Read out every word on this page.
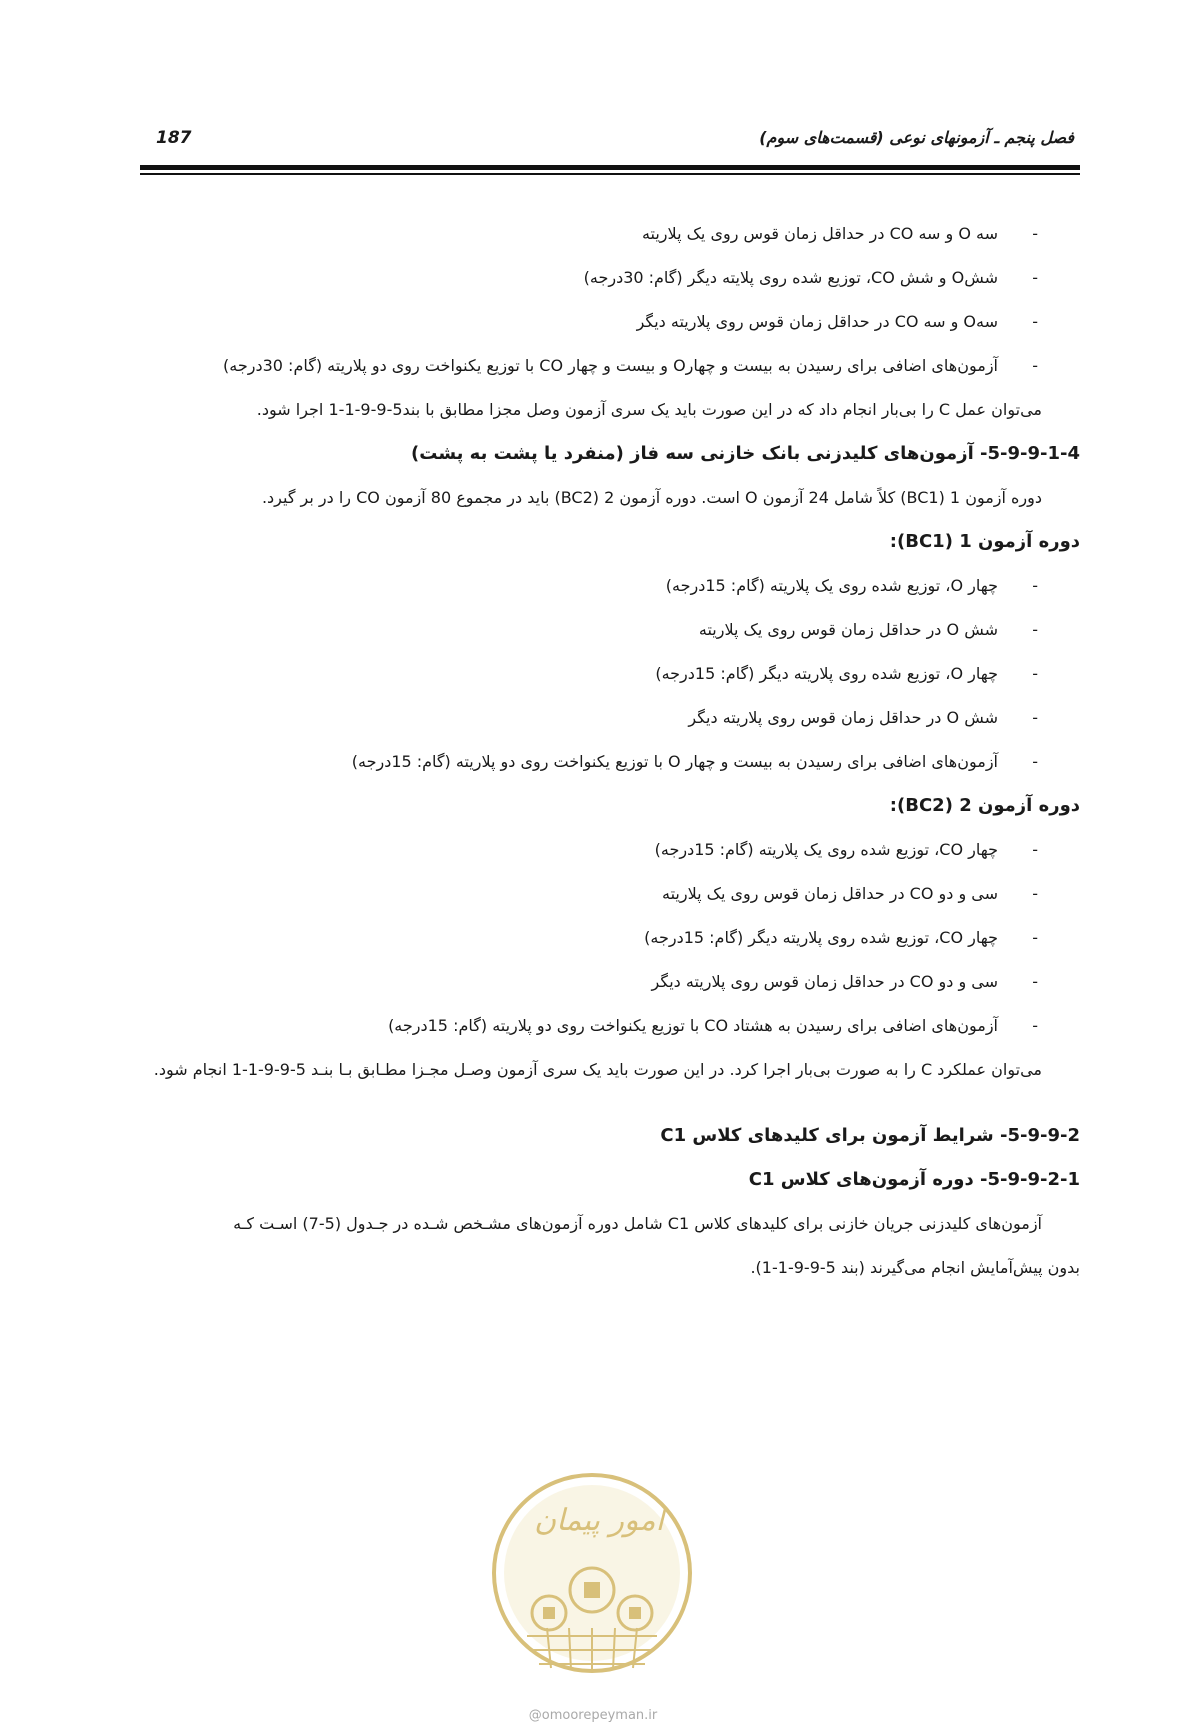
187	فصل پنجم ـ آزمونهای نوعی (قسمت‌های سوم)
-
سه O و سه CO در حداقل زمان قوس روی یک پلاریته
-
شش‌O و شش CO، توزیع شده روی پلایته دیگر (گام: 30درجه)
-
سه‌O و سه CO در حداقل زمان قوس روی پلاریته دیگر
-
آزمون‌های اضافی برای رسیدن به بیست و چهار‌O و بیست و چهار CO با توزیع یکنواخت روی دو پلاریته (گام: 30درجه)
می‌توان عمل C را بی‌بار انجام داد که در این صورت باید یک سری آزمون وصل مجزا مطابق با بند5-9-9-1-1 اجرا شود.
5-9-9-1-4- آزمون‌های کلیدزنی بانک خازنی سه فاز (منفرد یا پشت به پشت)
دوره آزمون 1 (BC1) کلاً شامل 24 آزمون O است. دوره آزمون 2 (BC2) باید در مجموع 80 آزمون CO را در بر گیرد.
دوره آزمون 1 (BC1):
-
چهار O، توزیع شده روی یک پلاریته (گام: 15درجه)
-
شش O در حداقل زمان قوس روی یک پلاریته
-
چهار O، توزیع شده روی پلاریته دیگر (گام: 15درجه)
-
شش O در حداقل زمان قوس روی پلاریته دیگر
-
آزمون‌های اضافی برای رسیدن به بیست و چهار O با توزیع یکنواخت روی دو پلاریته (گام: 15درجه)
دوره آزمون 2 (BC2):
-
چهار CO، توزیع شده روی یک پلاریته (گام: 15درجه)
-
سی و دو CO در حداقل زمان قوس روی یک پلاریته
-
چهار CO، توزیع شده روی پلاریته دیگر (گام: 15درجه)
-
سی و دو CO در حداقل زمان قوس روی پلاریته دیگر
-
آزمون‌های اضافی برای رسیدن به هشتاد CO با توزیع یکنواخت روی دو پلاریته (گام: 15درجه)
می‌توان عملکرد C را به صورت بی‌بار اجرا کرد. در این صورت باید یک سری آزمون وصـل مجـزا مطـابق بـا بنـد 5-9-9-1-1 انجام شود.
5-9-9-2- شرایط آزمون برای کلیدهای کلاس C1
5-9-9-2-1- دوره آزمون‌های کلاس C1
آزمون‌های کلیدزنی جریان خازنی برای کلیدهای کلاس C1 شامل دوره آزمون‌های مشـخص شـده در جـدول (5-7) اسـت کـه
بدون پیش‌آمایش انجام می‌گیرند (بند 5-9-9-1-1).
امور پیمان
@omoorepeyman.ir
